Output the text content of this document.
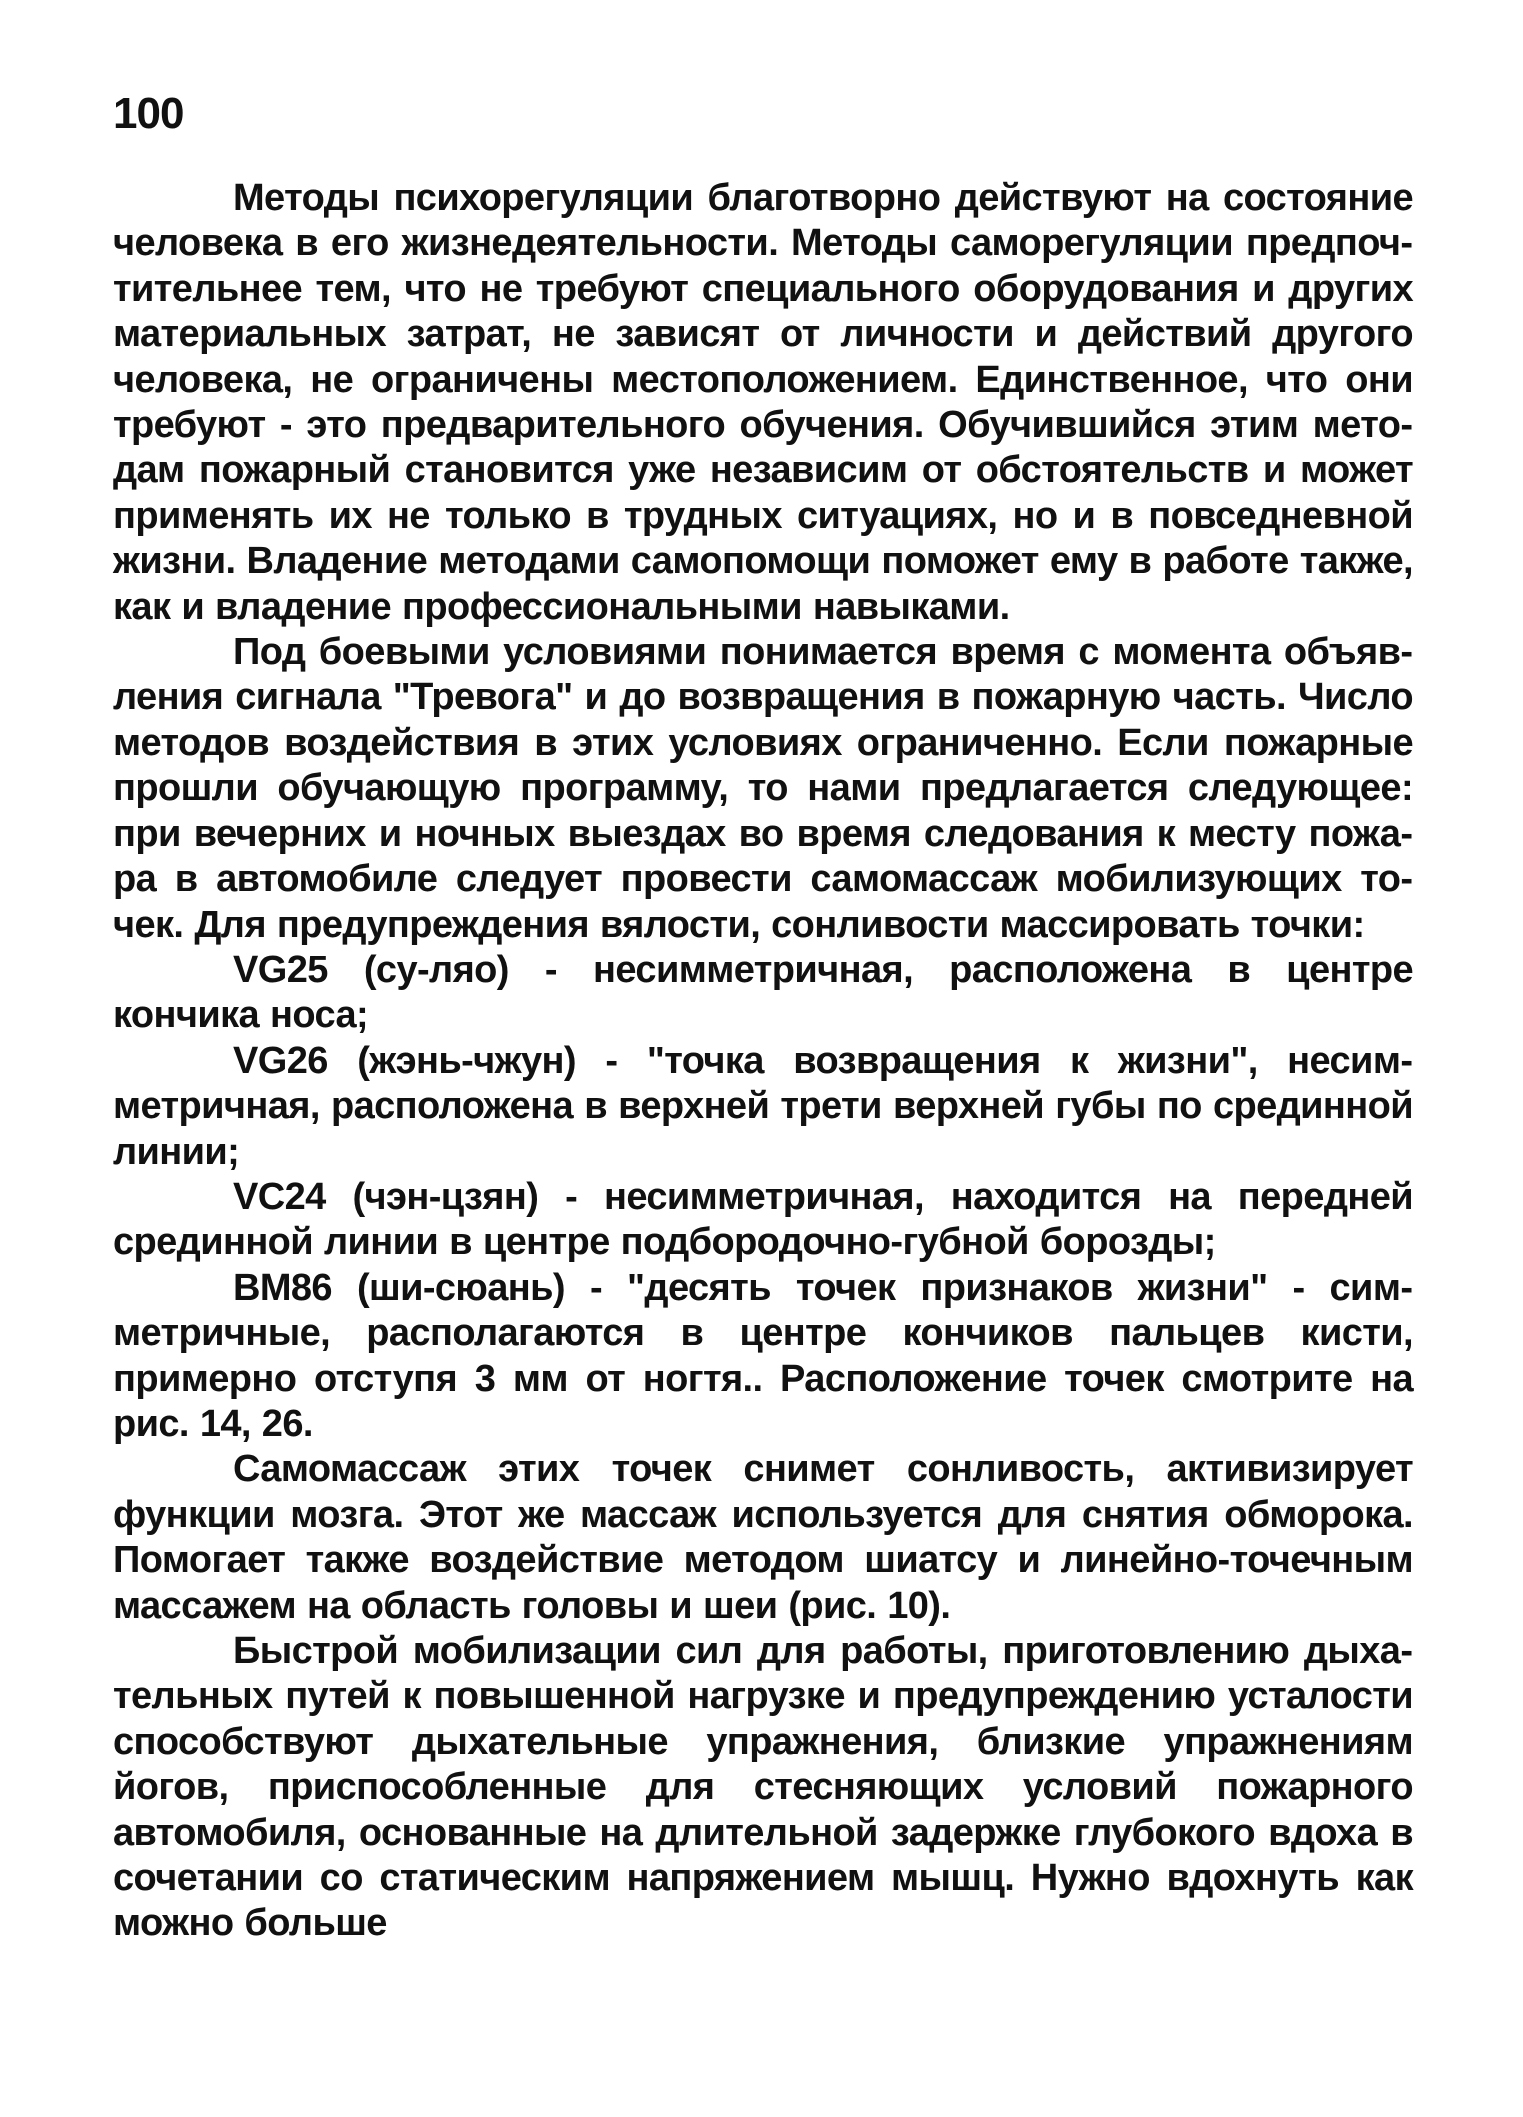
100

Методы психорегуляции благотворно действуют на состояние человека в его жизнедеятельности. Методы саморегуляции предпочтительнее тем, что не требуют специального оборудования и других материальных затрат, не зависят от личности и действий другого человека, не ограничены местоположением. Единственное, что они требуют - это предварительного обучения. Обучившийся этим методам пожарный становится уже независим от обстоятельств и может применять их не только в трудных ситуациях, но и в повседневной жизни. Владение методами самопомощи поможет ему в работе также, как и владение профессиональными навыками.

Под боевыми условиями понимается время с момента объявления сигнала "Тревога" и до возвращения в пожарную часть. Число методов воздействия в этих условиях ограниченно. Если пожарные прошли обучающую программу, то нами предлагается следующее: при вечерних и ночных выездах во время следования к месту пожара в автомобиле следует провести самомассаж мобилизующих точек. Для предупреждения вялости, сонливости массировать точки:

VG25 (су-ляо) - несимметричная, расположена в центре кончика носа;

VG26 (жэнь-чжун) - "точка возвращения к жизни", несимметричная, расположена в верхней трети верхней губы по срединной линии;

VC24 (чэн-цзян) - несимметричная, находится на передней срединной линии в центре подбородочно-губной борозды;

ВМ86 (ши-сюань) - "десять точек признаков жизни" - симметричные, располагаются в центре кончиков пальцев кисти, примерно отступя 3 мм от ногтя.. Расположение точек смотрите на рис. 14, 26.

Самомассаж этих точек снимет сонливость, активизирует функции мозга. Этот же массаж используется для снятия обморока. Помогает также воздействие методом шиатсу и линейно-точечным массажем на область головы и шеи (рис. 10).

Быстрой мобилизации сил для работы, приготовлению дыхательных путей к повышенной нагрузке и предупреждению усталости способствуют дыхательные упражнения, близкие упражнениям йогов, приспособленные для стесняющих условий пожарного автомобиля, основанные на длительной задержке глубокого вдоха в сочетании со статическим напряжением мышц. Нужно вдохнуть как можно больше
